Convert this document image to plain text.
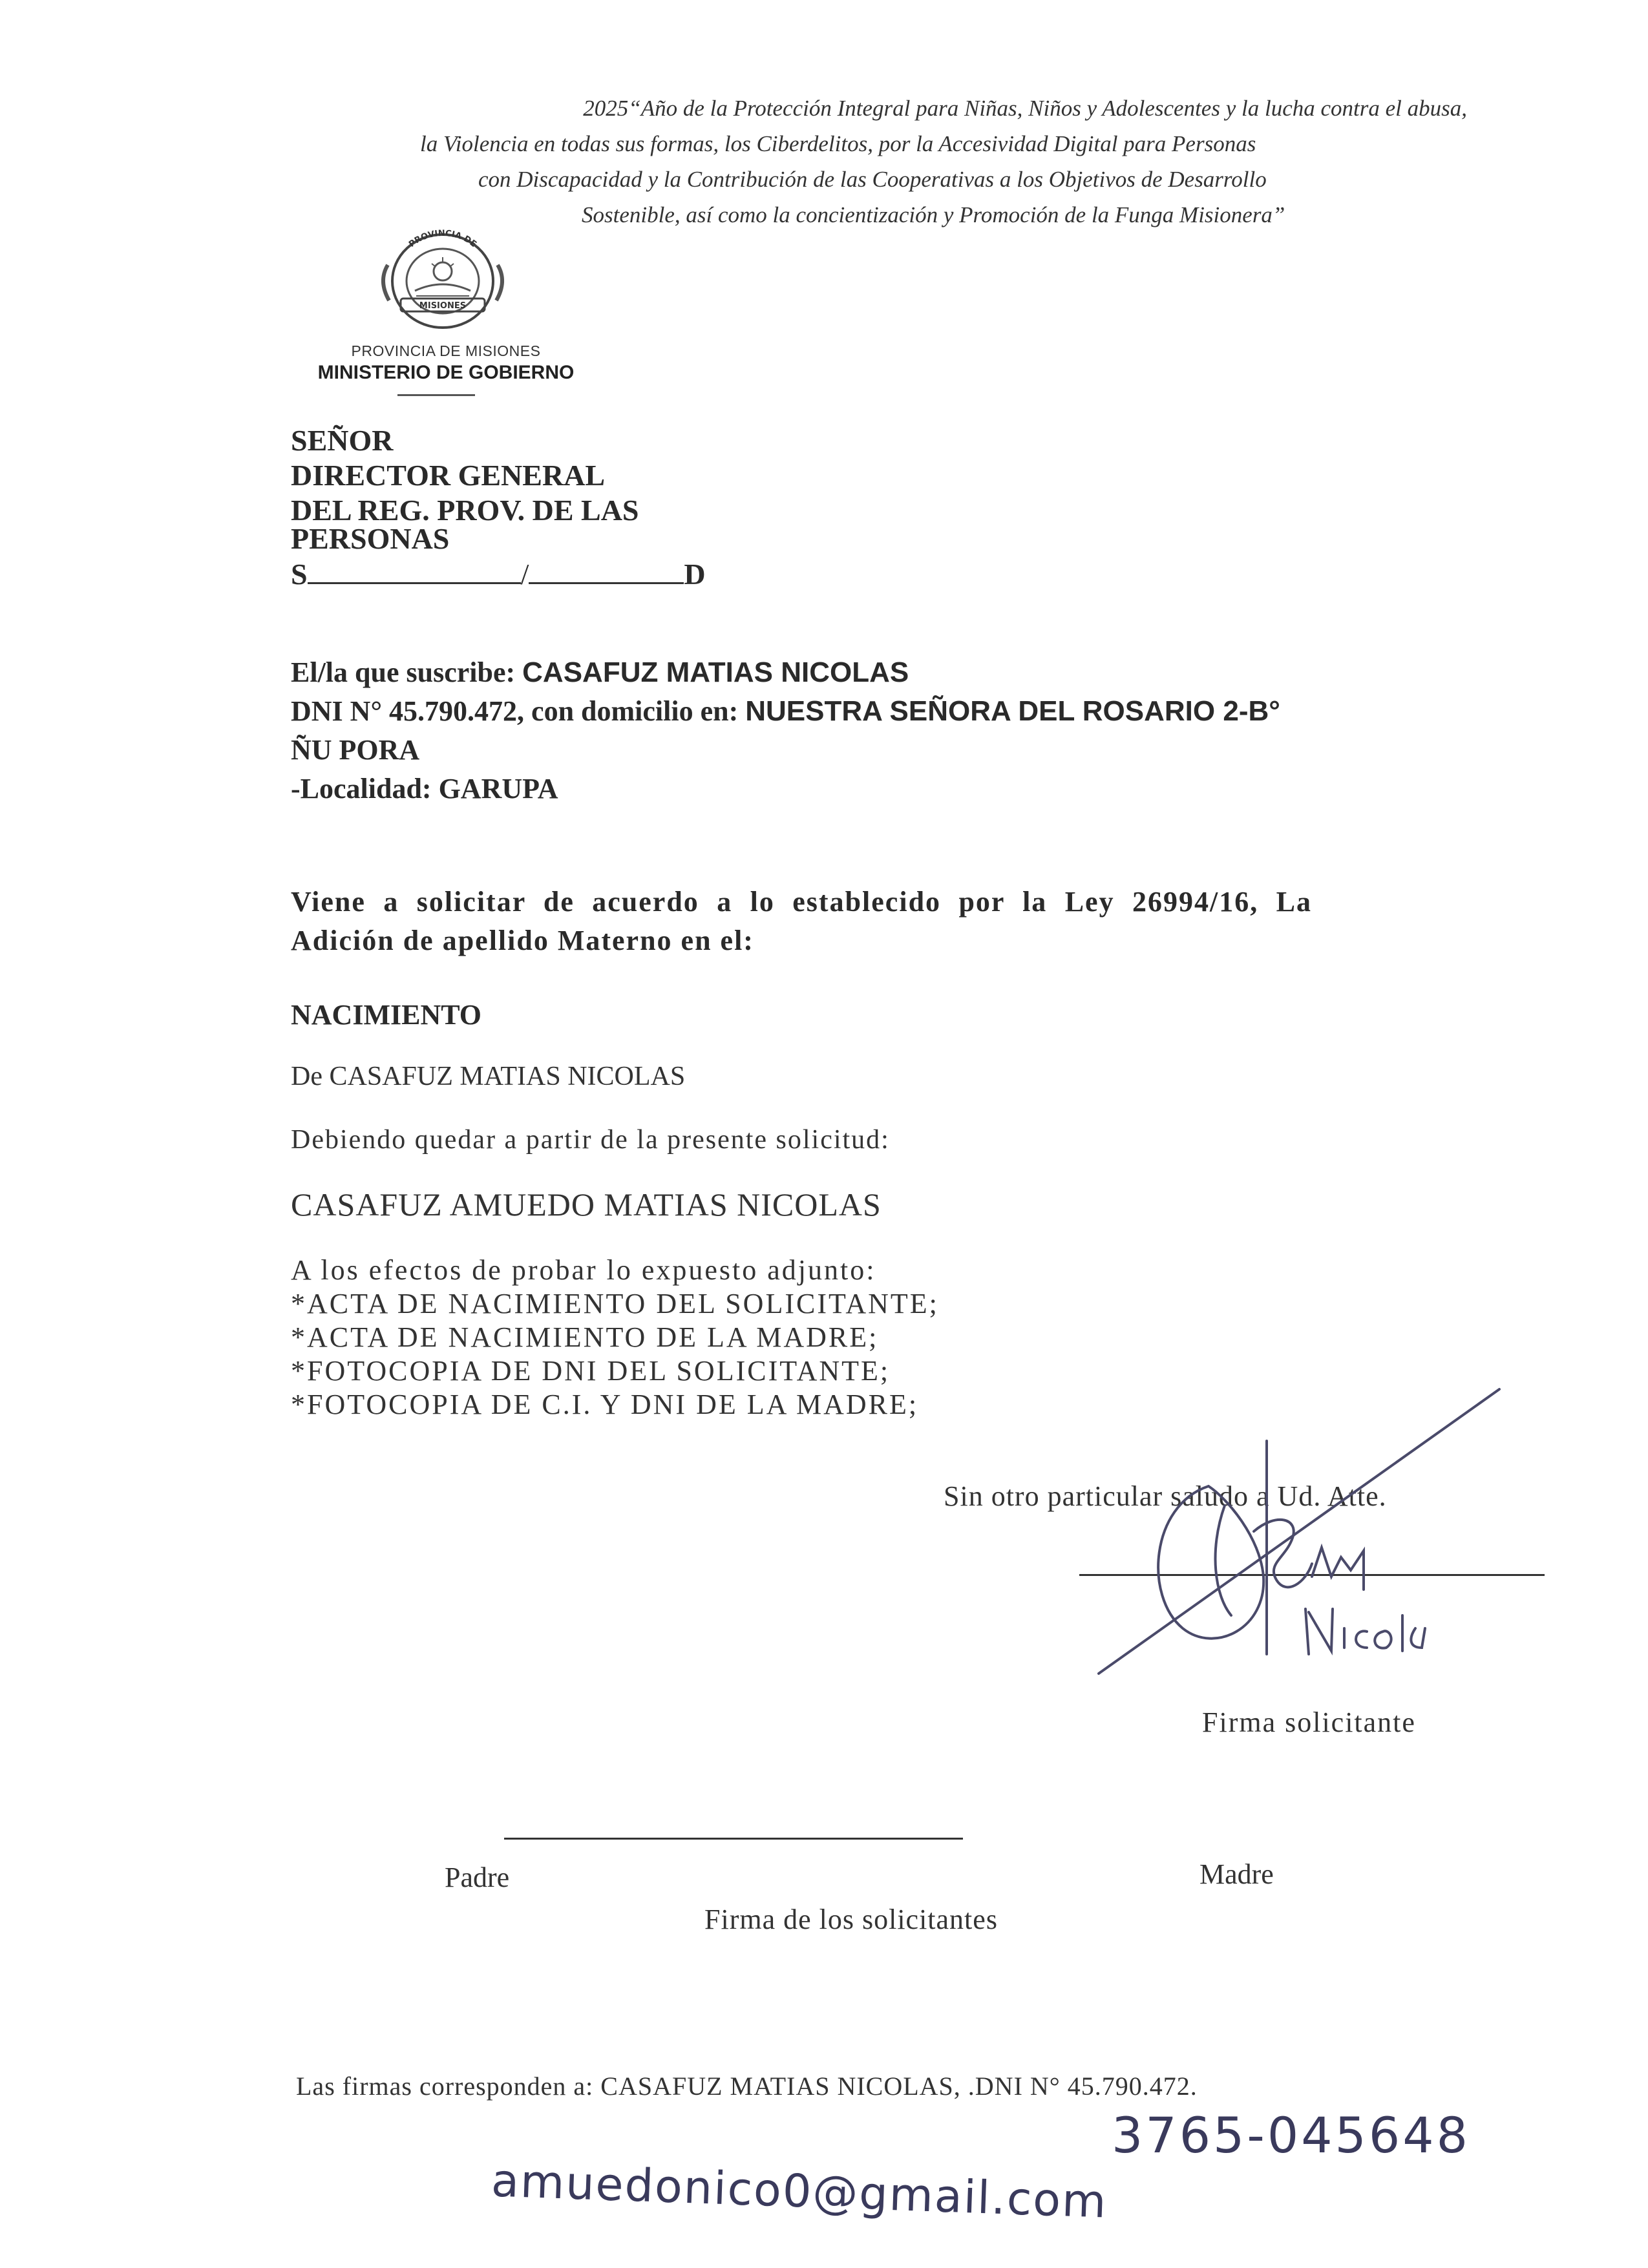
2025“Año de la Protección Integral para Niñas, Niños y Adolescentes y la lucha contra el abusa,
la Violencia en todas sus formas, los Ciberdelitos, por la Accesividad Digital para Personas
con Discapacidad y la Contribución de las Cooperativas a los Objetivos de Desarrollo
Sostenible, así como la concientización y Promoción de la Funga Misionera”
PROVINCIA DE
MISIONES
PROVINCIA DE MISIONES
MINISTERIO DE GOBIERNO
SEÑOR
DIRECTOR GENERAL
DEL REG. PROV. DE LAS
PERSONAS
S	/	D
El/la que suscribe: CASAFUZ MATIAS NICOLAS
DNI N° 45.790.472, con domicilio en: NUESTRA SEÑORA DEL ROSARIO 2-B°
ÑU PORA
-Localidad: GARUPA
Viene a solicitar de acuerdo a lo establecido por la Ley 26994/16, La
Adición de apellido Materno en el:
NACIMIENTO
De CASAFUZ MATIAS NICOLAS
Debiendo quedar a partir de la presente solicitud:
CASAFUZ AMUEDO MATIAS NICOLAS
A los efectos de probar lo expuesto adjunto:
*ACTA DE NACIMIENTO DEL SOLICITANTE;
*ACTA DE NACIMIENTO DE LA MADRE;
*FOTOCOPIA DE DNI DEL SOLICITANTE;
*FOTOCOPIA DE C.I. Y DNI DE LA MADRE;
Sin otro particular saludo a Ud. Atte.
Firma solicitante
Padre	Madre
Firma de los solicitantes
Las firmas corresponden a: CASAFUZ MATIAS NICOLAS, .DNI N° 45.790.472.
3765-045648
amuedonico0@gmail.com
